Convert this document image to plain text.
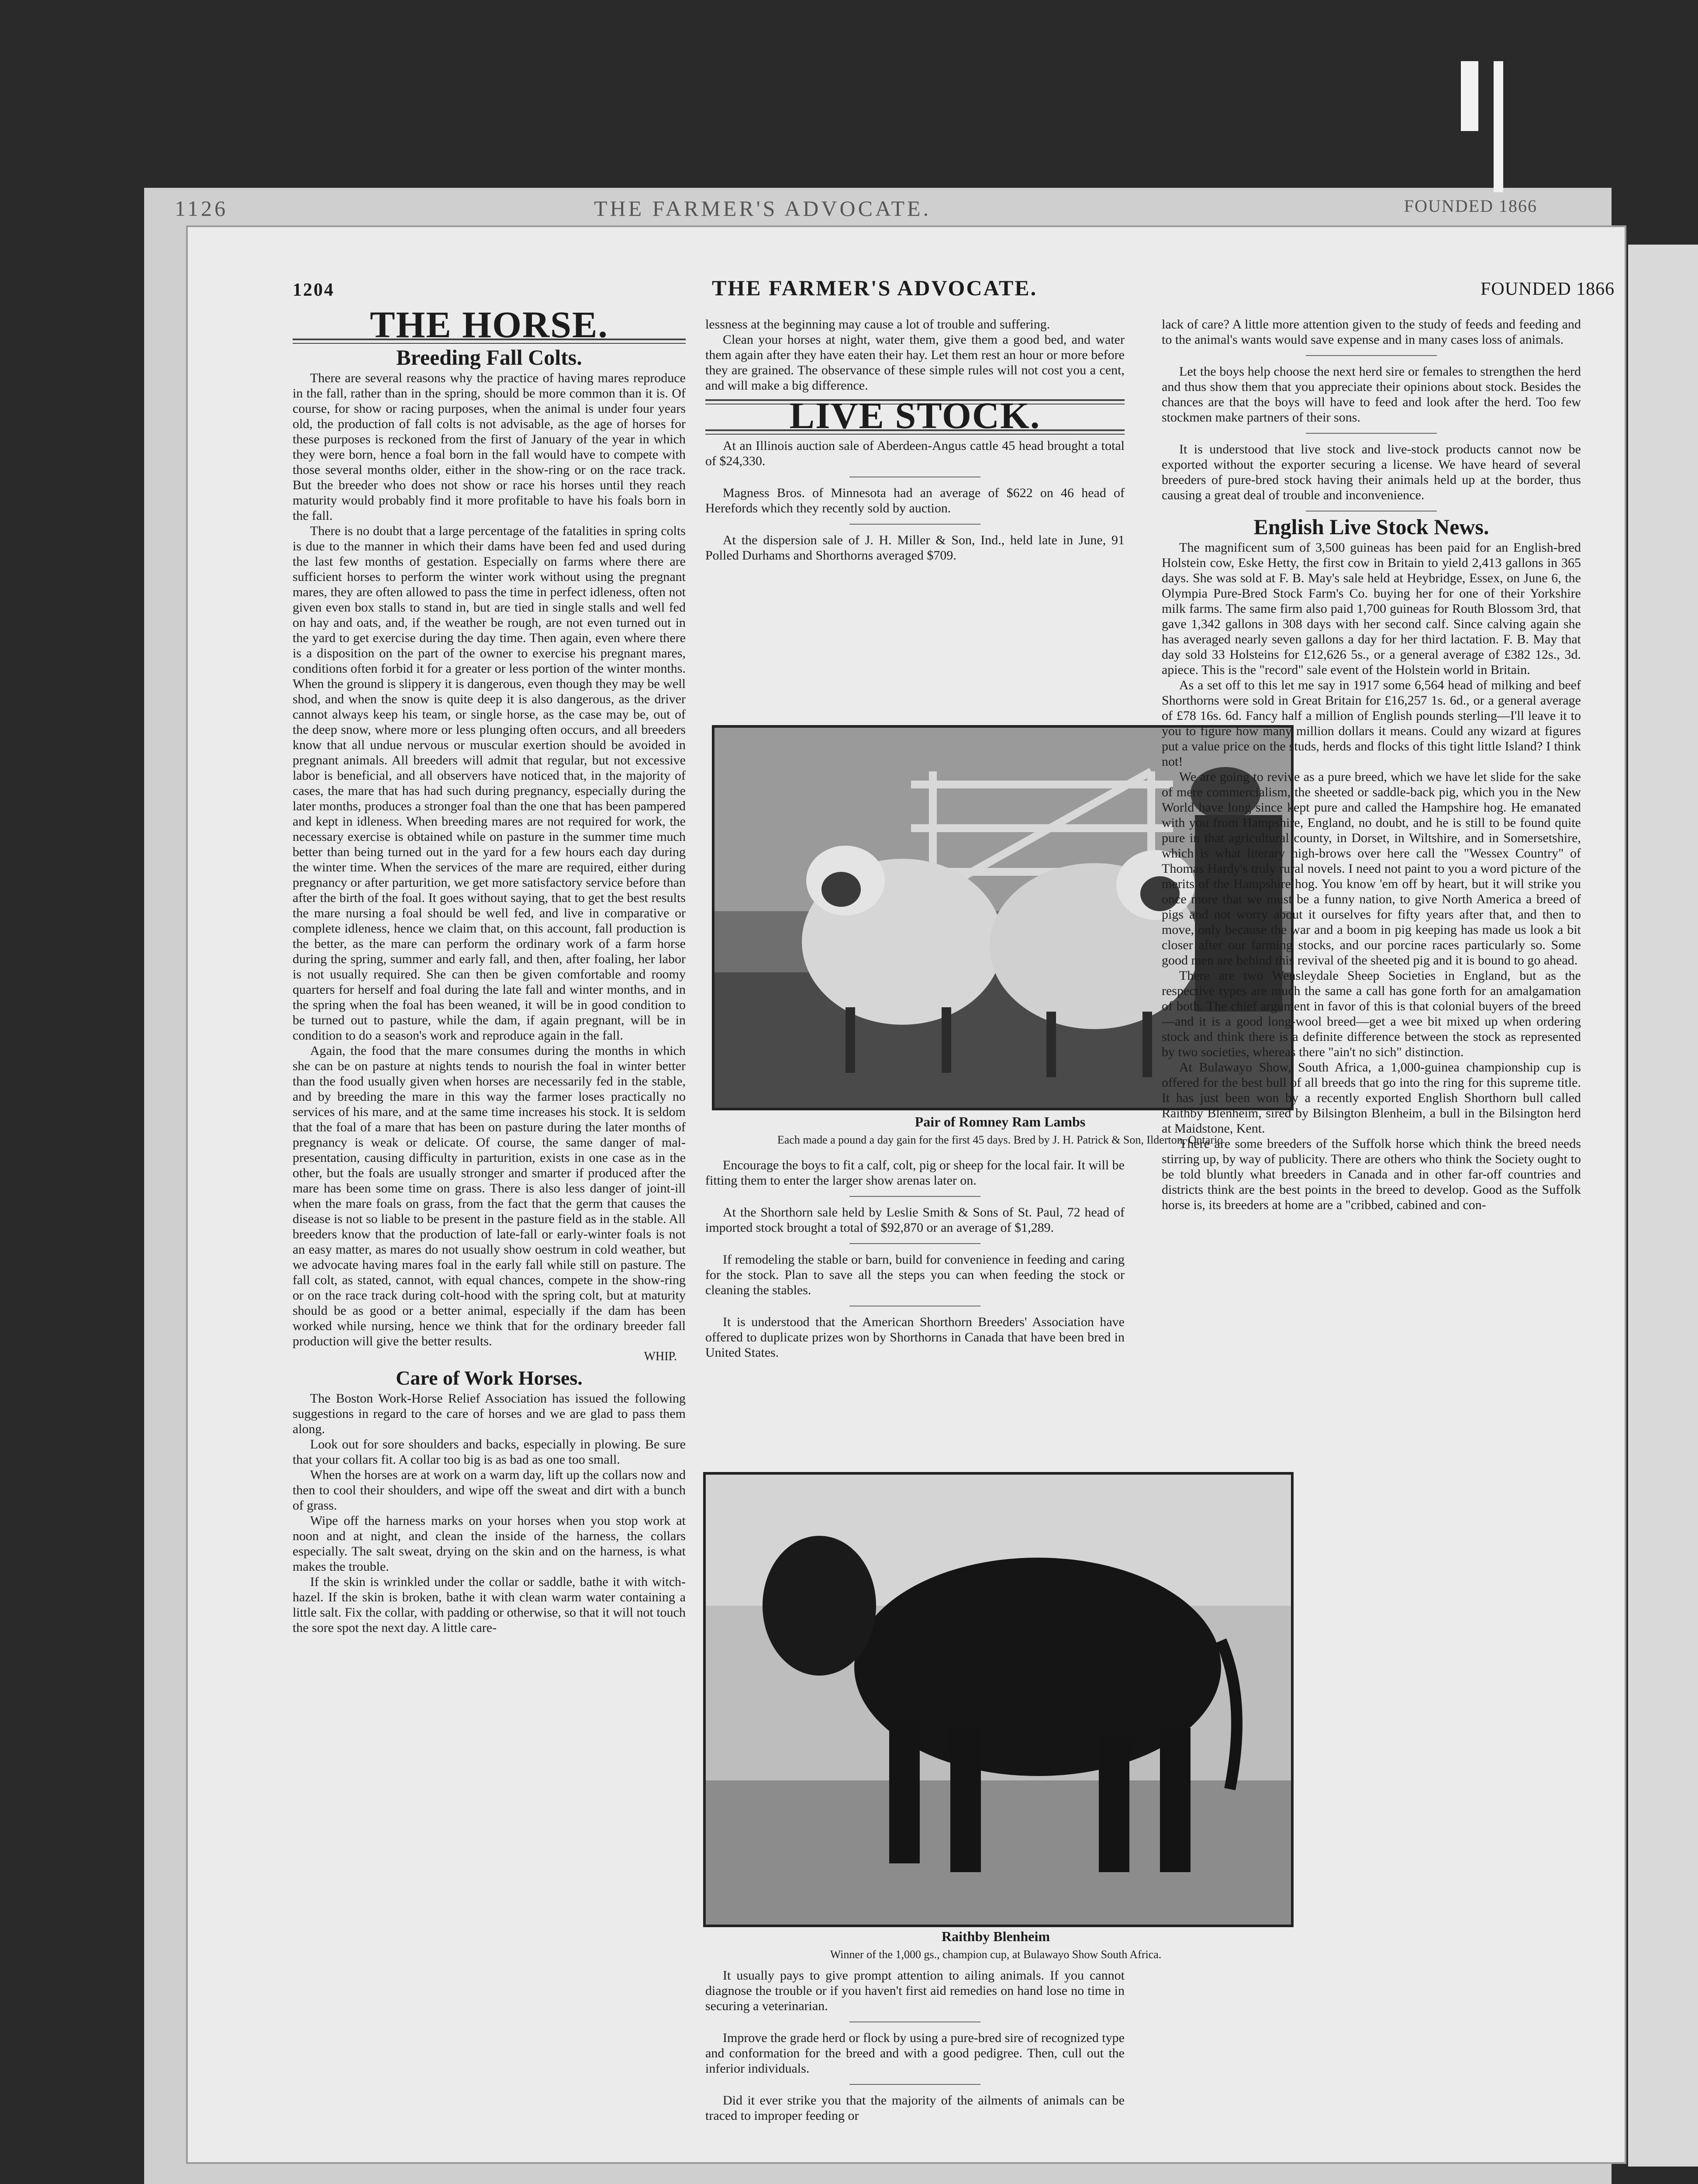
1126	THE FARMER'S ADVOCATE.	FOUNDED 1866
1204	THE FARMER'S ADVOCATE.	FOUNDED 1866
THE HORSE.
Breeding Fall Colts.

There are several reasons why the practice of having mares reproduce in the fall, rather than in the spring, should be more common than it is. Of course, for show or racing purposes, when the animal is under four years old, the production of fall colts is not advisable, as the age of horses for these purposes is reckoned from the first of January of the year in which they were born, hence a foal born in the fall would have to compete with those several months older, either in the show-ring or on the race track. But the breeder who does not show or race his horses until they reach maturity would probably find it more profitable to have his foals born in the fall.

There is no doubt that a large percentage of the fatalities in spring colts is due to the manner in which their dams have been fed and used during the last few months of gestation. Especially on farms where there are sufficient horses to perform the winter work without using the pregnant mares, they are often allowed to pass the time in perfect idleness, often not given even box stalls to stand in, but are tied in single stalls and well fed on hay and oats, and, if the weather be rough, are not even turned out in the yard to get exercise during the day time. Then again, even where there is a disposition on the part of the owner to exercise his pregnant mares, conditions often forbid it for a greater or less portion of the winter months. When the ground is slippery it is dangerous, even though they may be well shod, and when the snow is quite deep it is also dangerous, as the driver cannot always keep his team, or single horse, as the case may be, out of the deep snow, where more or less plunging often occurs, and all breeders know that all undue nervous or muscular exertion should be avoided in pregnant animals. All breeders will admit that regular, but not excessive labor is beneficial, and all observers have noticed that, in the majority of cases, the mare that has had such during pregnancy, especially during the later months, produces a stronger foal than the one that has been pampered and kept in idleness. When breeding mares are not required for work, the necessary exercise is obtained while on pasture in the summer time much better than being turned out in the yard for a few hours each day during the winter time. When the services of the mare are required, either during pregnancy or after parturition, we get more satisfactory service before than after the birth of the foal. It goes without saying, that to get the best results the mare nursing a foal should be well fed, and live in comparative or complete idleness, hence we claim that, on this account, fall production is the better, as the mare can perform the ordinary work of a farm horse during the spring, summer and early fall, and then, after foaling, her labor is not usually required. She can then be given comfortable and roomy quarters for herself and foal during the late fall and winter months, and in the spring when the foal has been weaned, it will be in good condition to be turned out to pasture, while the dam, if again pregnant, will be in condition to do a season's work and reproduce again in the fall.

Again, the food that the mare consumes during the months in which she can be on pasture at nights tends to nourish the foal in winter better than the food usually given when horses are necessarily fed in the stable, and by breeding the mare in this way the farmer loses practically no services of his mare, and at the same time increases his stock. It is seldom that the foal of a mare that has been on pasture during the later months of pregnancy is weak or delicate. Of course, the same danger of mal-presentation, causing difficulty in parturition, exists in one case as in the other, but the foals are usually stronger and smarter if produced after the mare has been some time on grass. There is also less danger of joint-ill when the mare foals on grass, from the fact that the germ that causes the disease is not so liable to be present in the pasture field as in the stable. All breeders know that the production of late-fall or early-winter foals is not an easy matter, as mares do not usually show oestrum in cold weather, but we advocate having mares foal in the early fall while still on pasture. The fall colt, as stated, cannot, with equal chances, compete in the show-ring or on the race track during colt-hood with the spring colt, but at maturity should be as good or a better animal, especially if the dam has been worked while nursing, hence we think that for the ordinary breeder fall production will give the better results.

WHIP.
Care of Work Horses.

The Boston Work-Horse Relief Association has issued the following suggestions in regard to the care of horses and we are glad to pass them along.

Look out for sore shoulders and backs, especially in plowing. Be sure that your collars fit. A collar too big is as bad as one too small.

When the horses are at work on a warm day, lift up the collars now and then to cool their shoulders, and wipe off the sweat and dirt with a bunch of grass.

Wipe off the harness marks on your horses when you stop work at noon and at night, and clean the inside of the harness, the collars especially. The salt sweat, drying on the skin and on the harness, is what makes the trouble.

If the skin is wrinkled under the collar or saddle, bathe it with witch-hazel. If the skin is broken, bathe it with clean warm water containing a little salt. Fix the collar, with padding or otherwise, so that it will not touch the sore spot the next day. A little care-

lessness at the beginning may cause a lot of trouble and suffering.

Clean your horses at night, water them, give them a good bed, and water them again after they have eaten their hay. Let them rest an hour or more before they are grained. The observance of these simple rules will not cost you a cent, and will make a big difference.

LIVE STOCK.

At an Illinois auction sale of Aberdeen-Angus cattle 45 head brought a total of $24,330.

Magness Bros. of Minnesota had an average of $622 on 46 head of Herefords which they recently sold by auction.

At the dispersion sale of J. H. Miller & Son, Ind., held late in June, 91 Polled Durhams and Shorthorns averaged $709.

Pair of Romney Ram Lambs
Each made a pound a day gain for the first 45 days. Bred by J. H. Patrick & Son, Ilderton, Ontario

Encourage the boys to fit a calf, colt, pig or sheep for the local fair. It will be fitting them to enter the larger show arenas later on.

At the Shorthorn sale held by Leslie Smith & Sons of St. Paul, 72 head of imported stock brought a total of $92,870 or an average of $1,289.

If remodeling the stable or barn, build for convenience in feeding and caring for the stock. Plan to save all the steps you can when feeding the stock or cleaning the stables.

It is understood that the American Shorthorn Breeders' Association have offered to duplicate prizes won by Shorthorns in Canada that have been bred in United States.

Raithby Blenheim
Winner of the 1,000 gs., champion cup, at Bulawayo Show South Africa.

It usually pays to give prompt attention to ailing animals. If you cannot diagnose the trouble or if you haven't first aid remedies on hand lose no time in securing a veterinarian.

Improve the grade herd or flock by using a pure-bred sire of recognized type and conformation for the breed and with a good pedigree. Then, cull out the inferior individuals.

Did it ever strike you that the majority of the ailments of animals can be traced to improper feeding or

lack of care? A little more attention given to the study of feeds and feeding and to the animal's wants would save expense and in many cases loss of animals.

Let the boys help choose the next herd sire or females to strengthen the herd and thus show them that you appreciate their opinions about stock. Besides the chances are that the boys will have to feed and look after the herd. Too few stockmen make partners of their sons.

It is understood that live stock and live-stock products cannot now be exported without the exporter securing a license. We have heard of several breeders of pure-bred stock having their animals held up at the border, thus causing a great deal of trouble and inconvenience.

English Live Stock News.

The magnificent sum of 3,500 guineas has been paid for an English-bred Holstein cow, Eske Hetty, the first cow in Britain to yield 2,413 gallons in 365 days. She was sold at F. B. May's sale held at Heybridge, Essex, on June 6, the Olympia Pure-Bred Stock Farm's Co. buying her for one of their Yorkshire milk farms. The same firm also paid 1,700 guineas for Routh Blossom 3rd, that gave 1,342 gallons in 308 days with her second calf. Since calving again she has averaged nearly seven gallons a day for her third lactation. F. B. May that day sold 33 Holsteins for £12,626 5s., or a general average of £382 12s., 3d. apiece. This is the "record" sale event of the Holstein world in Britain.

As a set off to this let me say in 1917 some 6,564 head of milking and beef Shorthorns were sold in Great Britain for £16,257 1s. 6d., or a general average of £78 16s. 6d. Fancy half a million of English pounds sterling—I'll leave it to you to figure how many million dollars it means. Could any wizard at figures put a value price on the studs, herds and flocks of this tight little Island? I think not!

We are going to revive as a pure breed, which we have let slide for the sake of mere commercialism, the sheeted or saddle-back pig, which you in the New World have long since kept pure and called the Hampshire hog. He emanated with you from Hampshire, England, no doubt, and he is still to be found quite pure in that agricultural county, in Dorset, in Wiltshire, and in Somersetshire, which is what literary high-brows over here call the "Wessex Country" of Thomas Hardy's truly rural novels. I need not paint to you a word picture of the merits of the Hampshire hog. You know 'em off by heart, but it will strike you once more that we must be a funny nation, to give North America a breed of pigs and not worry about it ourselves for fifty years after that, and then to move, only because the war and a boom in pig keeping has made us look a bit closer after our farming stocks, and our porcine races particularly so. Some good men are behind this revival of the sheeted pig and it is bound to go ahead.

There are two Wensleydale Sheep Societies in England, but as the respective types are much the same a call has gone forth for an amalgamation of both. The chief argument in favor of this is that colonial buyers of the breed—and it is a good long-wool breed—get a wee bit mixed up when ordering stock and think there is a definite difference between the stock as represented by two societies, whereas there "ain't no sich" distinction.

At Bulawayo Show, South Africa, a 1,000-guinea championship cup is offered for the best bull of all breeds that go into the ring for this supreme title. It has just been won by a recently exported English Shorthorn bull called Raithby Blenheim, sired by Bilsington Blenheim, a bull in the Bilsington herd at Maidstone, Kent.

There are some breeders of the Suffolk horse which think the breed needs stirring up, by way of publicity. There are others who think the Society ought to be told bluntly what breeders in Canada and in other far-off countries and districts think are the best points in the breed to develop. Good as the Suffolk horse is, its breeders at home are a "cribbed, cabined and con-
